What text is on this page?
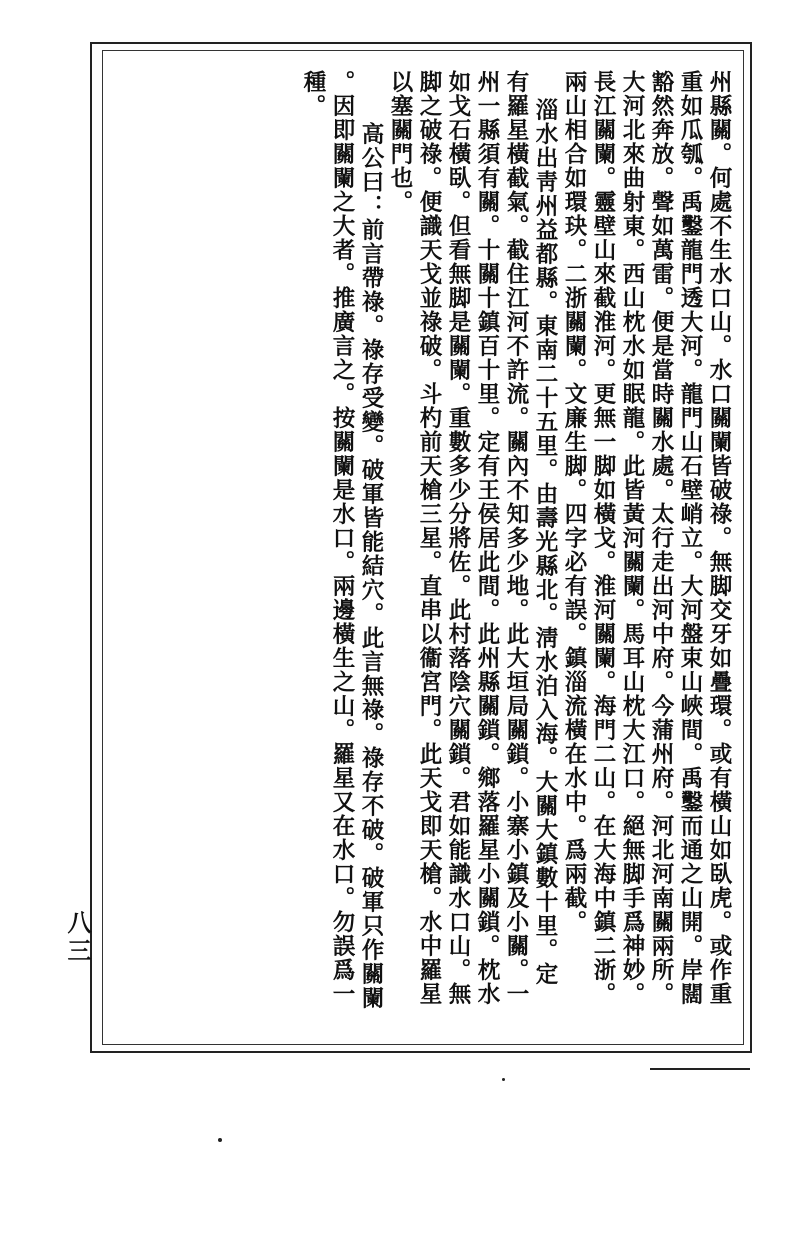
州縣關。何處不生水口山。水口關闌皆破祿。無脚交牙如疊環。或有橫山如臥虎。或作重
重如瓜瓠。禹鑿龍門透大河。龍門山石壁峭立。大河盤束山峽間。禹鑿而通之山開。岸闊
豁然奔放。聲如萬雷。便是當時關水處。太行走出河中府。今蒲州府。河北河南關兩所。
大河北來曲射東。西山枕水如眠龍。此皆黃河關闌。馬耳山枕大江口。絕無脚手爲神妙。
長江關闌。靈壁山來截淮河。更無一脚如橫戈。淮河關闌。海門二山。在大海中鎮二浙。
兩山相合如環玦。二浙關闌。文廉生脚。四字必有誤。鎮淄流橫在水中。爲兩截。
淄水出靑州益都縣。東南二十五里。由壽光縣北。淸水泊入海。大關大鎮數十里。定
有羅星橫截氣。截住江河不許流。關內不知多少地。此大垣局關鎖。小寨小鎮及小關。一
州一縣須有關。十關十鎮百十里。定有王侯居此間。此州縣關鎖。鄉落羅星小關鎖。枕水
如戈石橫臥。但看無脚是關闌。重數多少分將佐。此村落陰穴關鎖。君如能識水口山。無
脚之破祿。便識天戈並祿破。斗杓前天槍三星。直串以衞宮門。此天戈即天槍。水中羅星
以塞關門也。
高公曰：前言帶祿。祿存受變。破軍皆能結穴。此言無祿。祿存不破。破軍只作關闌
。因即關闌之大者。推廣言之。按關闌是水口。兩邊橫生之山。羅星又在水口。勿誤爲一
種。
八三
